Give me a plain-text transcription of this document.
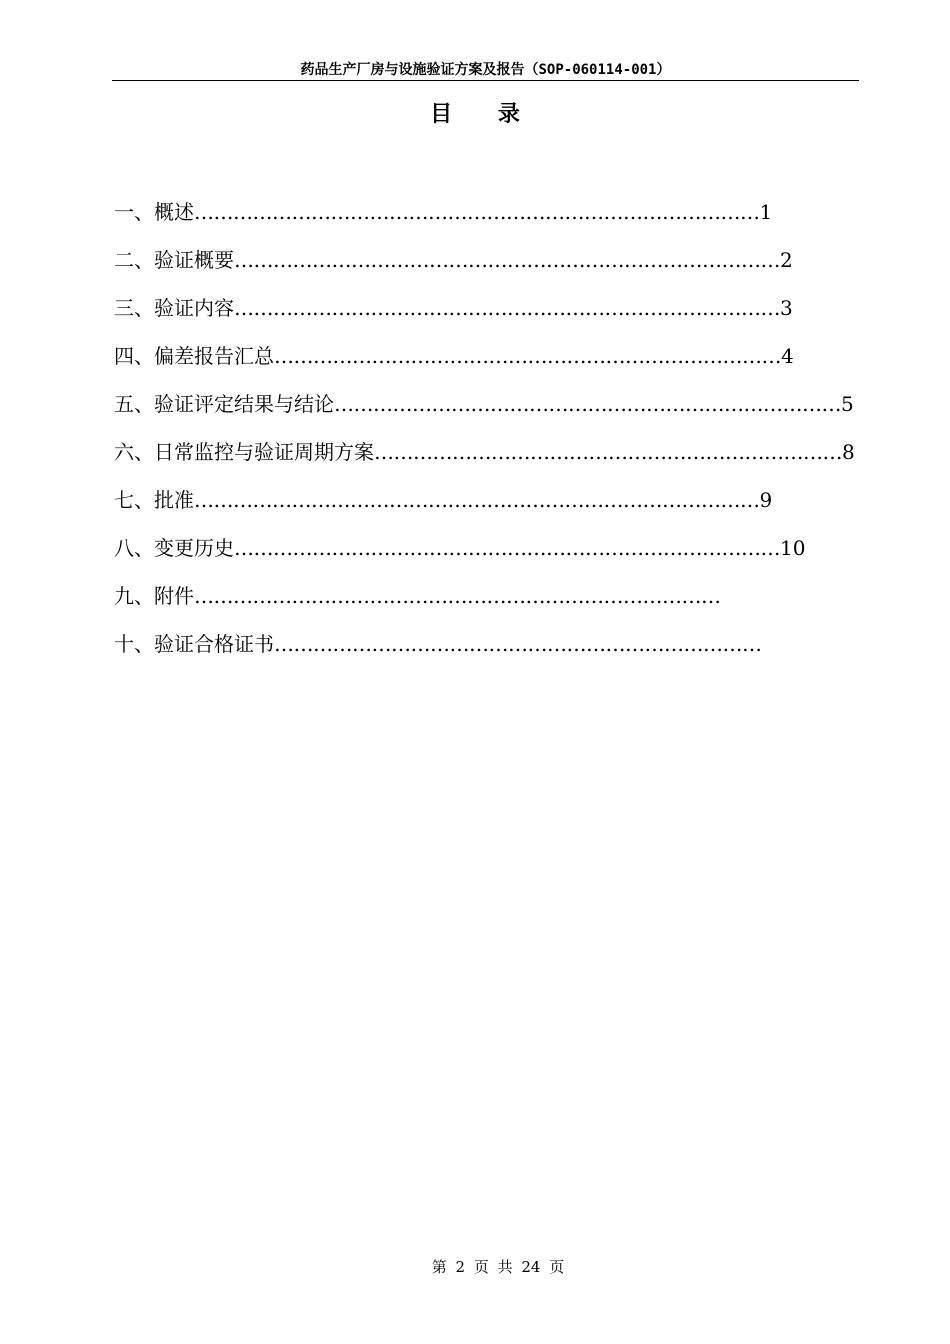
药品生产厂房与设施验证方案及报告（SOP-060114-001）
目 录
一、概述……………………………………………………………………………1
二、验证概要…………………………………………………………………………2
三、验证内容…………………………………………………………………………3
四、偏差报告汇总……………………………………………………………………4
五、验证评定结果与结论……………………………………………………………………5
六、日常监控与验证周期方案………………………………………………………………8
七、批准……………………………………………………………………………9
八、变更历史…………………………………………………………………………10
九、附件………………………………………………………………………
十、验证合格证书…………………………………………………………………
第 2 页 共 24 页
